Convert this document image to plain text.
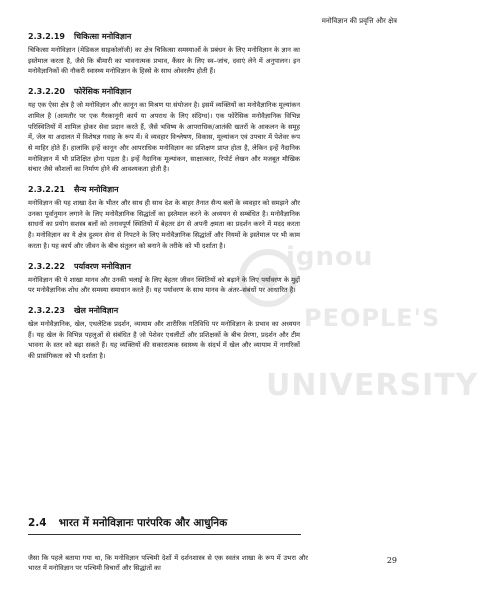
मनोविज्ञान की प्रवृत्ति और क्षेत्र
ignou
PEOPLE'S
UNIVERSITY
2.3.2.19 चिकित्सा मनोविज्ञान

चिकित्सा मनोविज्ञान (मेडिकल साइकोलॉजी) का क्षेत्र चिकित्सा समस्याओं के प्रबंधन के लिए मनोविज्ञान के ज्ञान का इस्तेमाल करता है, जैसे कि बीमारी का भावनात्मक प्रभाव, कैंसर के लिए स्व–जांच, दवाएं लेने में अनुपालन। इन मनोवैज्ञानिकों की नौकरी स्वास्थ्य मनोविज्ञान के हिस्से के साथ ओवरलैप होती हैं।

2.3.2.20 फोरेंसिक मनोविज्ञान

यह एक ऐसा क्षेत्र है जो मनोविज्ञान और कानून का मिश्रण या संयोजन है। इसमें व्यक्तियों का मनोवैज्ञानिक मूल्यांकन शामिल है (आमतौर पर एक गैरकानूनी कार्य या अपराध के लिए संदिग्ध)। एक फोरेंसिक मनोवैज्ञानिक विभिन्न परिस्थितियों में शामिल होकर सेवा प्रदान करते हैं, जैसे भविष्य के आपराधिक/आतंकी खतरों के आकलन के समूह में, जेल या अदालत में विशेषज्ञ गवाह के रूप में। वे व्यवहार विश्लेषण, विकास, मूल्यांकन एवं उपचार में पेशेवर रूप से माहिर होते हैं। हालांकि इन्हें कानून और आपराधिक मनोविज्ञान का प्रशिक्षण प्राप्त होता है, लेकिन इन्हें नैदानिक मनोविज्ञान में भी प्रशिक्षित होना पड़ता है। इन्हें नैदानिक मूल्यांकन, साक्षात्कार, रिपोर्ट लेखन और मजबूत मौखिक संचार जैसे कौशलों का निर्माण होने की आवश्यकता होती है।

2.3.2.21 सैन्य मनोविज्ञान

मनोविज्ञान की यह शाखा देश के भीतर और साथ ही साथ देश के बाहर तैनात सैन्य बलों के व्यवहार को समझने और उनका पूर्वानुमान लगाने के लिए मनोवैज्ञानिक सिद्धांतों का इस्तेमाल करने के अध्ययन से सम्बंधित है। मनोवैज्ञानिक साधनों का प्रयोग सशस्त्र बलों को तनावपूर्ण स्थितियों में बेहतर ढंग से अपनी क्षमता का प्रदर्शन करने में मदद करता है। मनोविज्ञान का ये क्षेत्र दुश्मन सेना से निपटने के लिए मनोवैज्ञानिक सिद्धांतों और नियमों के इस्तेमाल पर भी काम करता है। यह कार्य और जीवन के बीच संतुलन को बनाने के तरीके को भी दर्शाता है।

2.3.2.22 पर्यावरण मनोविज्ञान

मनोविज्ञान की ये शाखा मानव और उनकी भलाई के लिए बेहतर जीवन स्थितियों को बढ़ाने के लिए पर्यावरण के मुद्दों पर मनोवैज्ञानिक शोध और समस्या समाधान करते हैं। यह पर्यावरण के साथ मानव के अंतर–संबंधों पर आधारित है।

2.3.2.23 खेल मनोविज्ञान

खेल मनोवैज्ञानिक, खेल, एथलेटिक प्रदर्शन, व्यायाम और शारीरिक गतिविधि पर मनोविज्ञान के प्रभाव का अध्ययन हैं। यह खेल के विभिन्न पहलुओं से संबंधित है जो पेशेवर एथलीटों और प्रशिक्षकों के बीच प्रेरणा, प्रदर्शन और टीम भावना के स्तर को बढ़ा सकते हैं। यह व्यक्तियों की सकारात्मक स्वास्थ्य के संदर्भ में खेल और व्यायाम में नागरिकों की प्रासंगिकता को भी दर्शाता है।

2.4 भारत में मनोविज्ञानः पारंपरिक और आधुनिक

जैसा कि पहले बताया गया था, कि मनोविज्ञान पश्चिमी देशों में दर्शनशास्त्र से एक स्वतंत्र शाखा के रूप में उभरा और भारत में मनोविज्ञान पर पश्चिमी विचारों और सिद्धांतों का

29
